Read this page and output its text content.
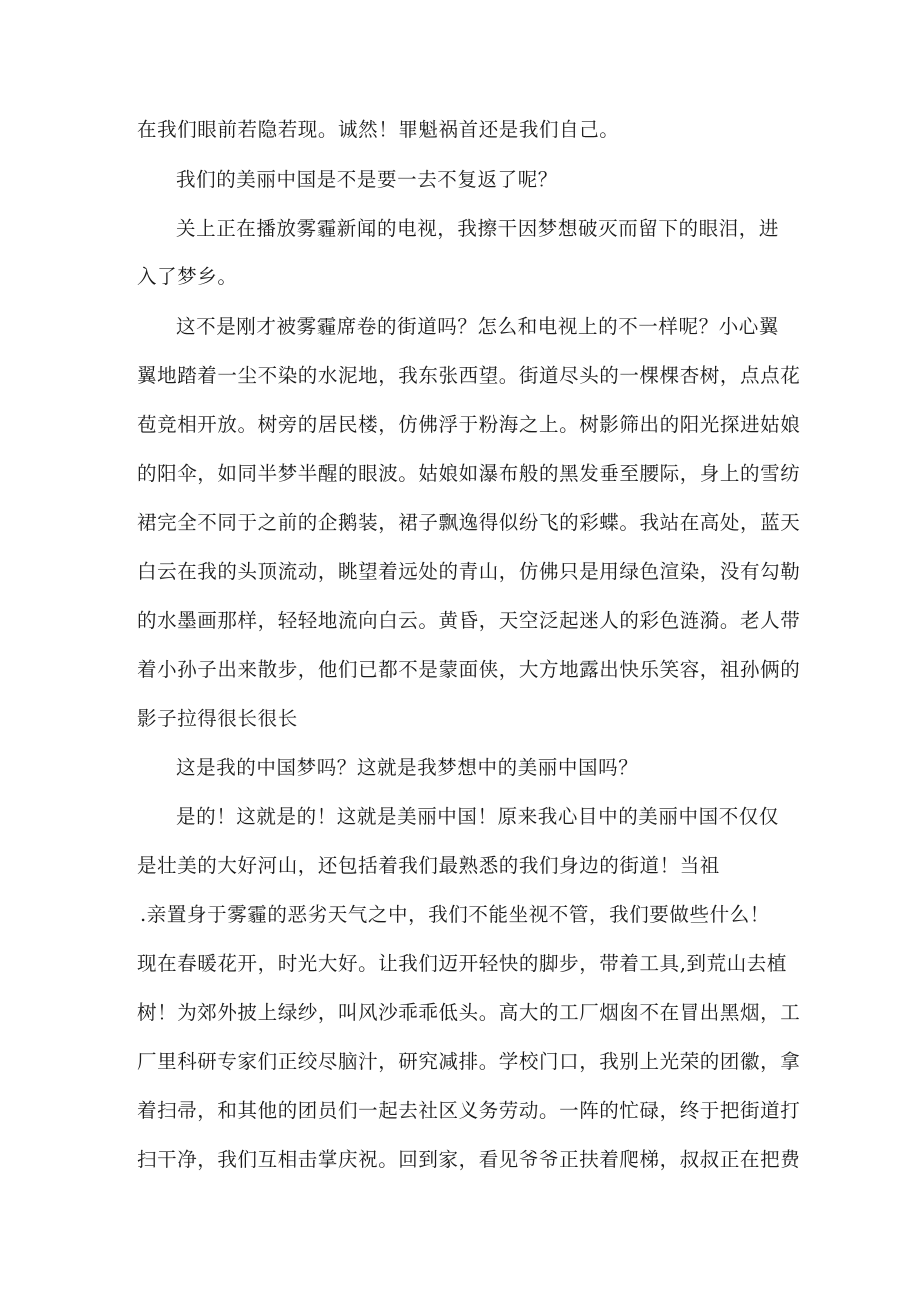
在我们眼前若隐若现。诚然！罪魁祸首还是我们自己。
我们的美丽中国是不是要一去不复返了呢？
关上正在播放雾霾新闻的电视，我擦干因梦想破灭而留下的眼泪，进
入了梦乡。
这不是刚才被雾霾席卷的街道吗？怎么和电视上的不一样呢？小心翼
翼地踏着一尘不染的水泥地，我东张西望。街道尽头的一棵棵杏树，点点花
苞竞相开放。树旁的居民楼，仿佛浮于粉海之上。树影筛出的阳光探进姑娘
的阳伞，如同半梦半醒的眼波。姑娘如瀑布般的黑发垂至腰际，身上的雪纺
裙完全不同于之前的企鹅装，裙子飘逸得似纷飞的彩蝶。我站在高处，蓝天
白云在我的头顶流动，眺望着远处的青山，仿佛只是用绿色渲染，没有勾勒
的水墨画那样，轻轻地流向白云。黄昏，天空泛起迷人的彩色涟漪。老人带
着小孙子出来散步，他们已都不是蒙面侠，大方地露出快乐笑容，祖孙俩的
影子拉得很长很长
这是我的中国梦吗？这就是我梦想中的美丽中国吗？
是的！这就是的！这就是美丽中国！原来我心目中的美丽中国不仅仅
是壮美的大好河山，还包括着我们最熟悉的我们身边的街道！当祖
.亲置身于雾霾的恶劣天气之中，我们不能坐视不管，我们要做些什么！
现在春暖花开，时光大好。让我们迈开轻快的脚步，带着工具,到荒山去植
树！为郊外披上绿纱，叫风沙乖乖低头。高大的工厂烟囱不在冒出黑烟，工
厂里科研专家们正绞尽脑汁，研究减排。学校门口，我别上光荣的团徽，拿
着扫帚，和其他的团员们一起去社区义务劳动。一阵的忙碌，终于把街道打
扫干净，我们互相击掌庆祝。回到家，看见爷爷正扶着爬梯，叔叔正在把费
